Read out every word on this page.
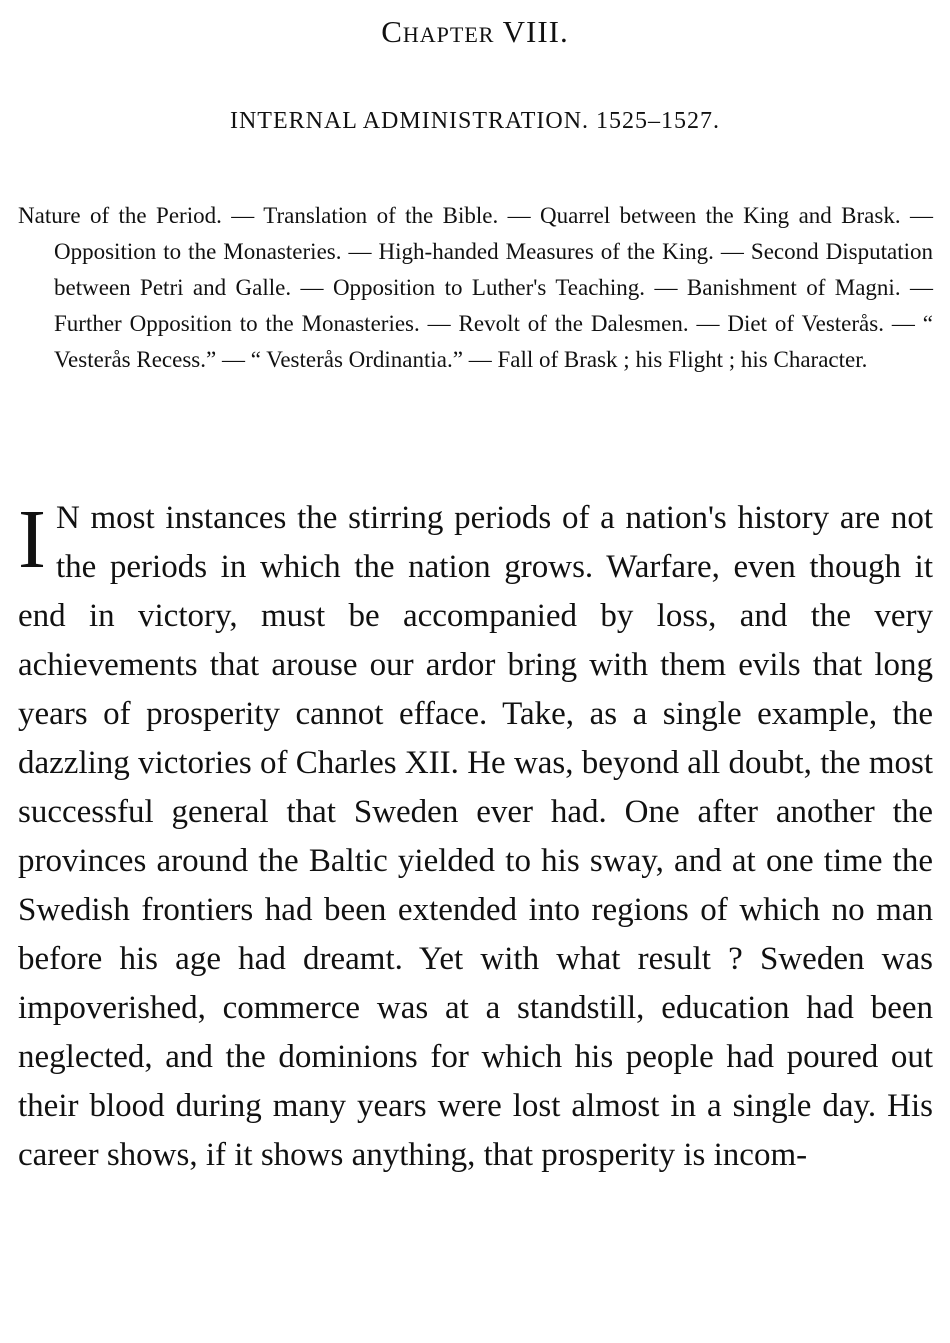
Chapter VIII.
INTERNAL ADMINISTRATION. 1525–1527.
Nature of the Period. — Translation of the Bible. — Quarrel between the King and Brask. — Opposition to the Monasteries. — High-handed Measures of the King. — Second Disputation between Petri and Galle. — Opposition to Luther's Teaching. — Banishment of Magni. — Further Opposition to the Monasteries. — Revolt of the Dalesmen. — Diet of Vesterås. — “ Vesterås Recess.” — “ Vesterås Ordinantia.” — Fall of Brask ; his Flight ; his Character.
I N most instances the stirring periods of a nation's history are not the periods in which the nation grows. Warfare, even though it end in victory, must be accompanied by loss, and the very achievements that arouse our ardor bring with them evils that long years of prosperity cannot efface. Take, as a single example, the dazzling victories of Charles XII. He was, beyond all doubt, the most successful general that Sweden ever had. One after another the provinces around the Baltic yielded to his sway, and at one time the Swedish frontiers had been extended into regions of which no man before his age had dreamt. Yet with what result ? Sweden was impoverished, commerce was at a standstill, education had been neglected, and the dominions for which his people had poured out their blood during many years were lost almost in a single day. His career shows, if it shows anything, that prosperity is incom-
